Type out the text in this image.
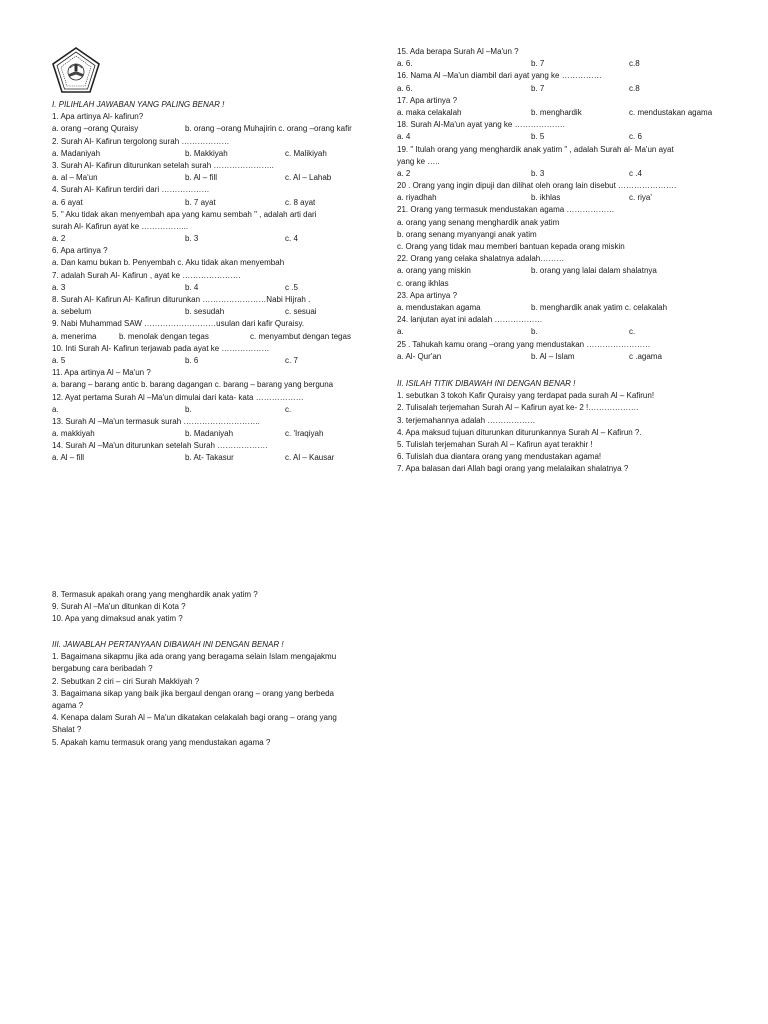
I. PILIHLAH JAWABAN YANG PALING BENAR !
1. Apa artinya Al- kafirun?
a. orang –orang Quraisy	b. orang –orang Muhajirin c. orang –orang kafir
2. Surah Al- Kafirun tergolong surah ………………
a. Madaniyah	b. Makkiyah	c. Malikiyah
3. Surah Al- Kafirun diturunkan setelah surah …………………..
a. al – Ma'un	b. Al – fill	c. Al – Lahab
4. Surah Al- Kafirun terdiri dari ………………
a. 6 ayat	b. 7 ayat	c. 8 ayat
5. " Aku tidak akan menyembah apa yang kamu sembah " , adalah arti dari
surah Al- Kafirun ayat ke ……………...
a. 2	b. 3	c. 4
6. Apa artinya ?
a. Dan kamu bukan b. Penyembah c. Aku tidak akan menyembah
7. adalah Surah Al- Kafirun , ayat ke ………………….
a. 3	b. 4	c .5
8. Surah Al- Kafirun Al- Kafirun diturunkan ……………………Nabi Hijrah .
a. sebelum	b. sesudah	c. sesuai
9. Nabi Muhammad SAW ………………………usulan dari kafir Quraisy.
a. menerima	b. menolak dengan tegas	c. menyambut dengan tegas
10. Inti Surah Al- Kafirun terjawab pada ayat ke ………………
a. 5	b. 6	c. 7
11. Apa artinya Al – Ma'un ?
a. barang – barang antic b. barang dagangan c. barang – barang yang berguna
12. Ayat pertama Surah Al –Ma'un dimulai dari kata- kata ………………
a.	b.	c.
13. Surah Al –Ma'un termasuk surah ………………………..
a. makkiyah	b. Madaniyah	c. 'Iraqiyah
14. Surah Al –Ma'un diturunkan setelah Surah ……………….
a. Al – fill	b. At- Takasur	c. Al – Kausar
8. Termasuk apakah orang yang menghardik anak yatim ?
9. Surah Al –Ma'un ditunkan di Kota ?
10. Apa yang dimaksud anak yatim ?
III. JAWABLAH PERTANYAAN DIBAWAH INI DENGAN BENAR !
1. Bagaimana sikapmu jika ada orang yang beragama selain Islam mengajakmu
bergabung cara beribadah ?
2. Sebutkan 2 ciri – ciri Surah Makkiyah ?
3. Bagaimana sikap yang baik jika bergaul dengan orang – orang yang berbeda
agama ?
4. Kenapa dalam Surah Al – Ma'un dikatakan celakalah bagi orang – orang yang
Shalat ?
5. Apakah kamu termasuk orang yang mendustakan agama ?
15. Ada berapa Surah Al –Ma'un ?
a. 6.	b. 7	c.8
16. Nama Al –Ma'un diambil dari ayat yang ke ……………
a. 6.	b. 7	c.8
17. Apa artinya ?
a. maka celakalah	b. menghardik	c. mendustakan agama
18. Surah Al-Ma'un ayat yang ke ……………….
a. 4	b. 5	c. 6
19. " Itulah orang yang menghardik anak yatim " , adalah Surah al- Ma'un ayat
yang ke …..
a. 2	b. 3	c .4
20 . Orang yang ingin dipuji dan dilihat oleh orang lain disebut ………………….
a. riyadhah	b. ikhlas	c. riya'
21. Orang yang termasuk mendustakan agama ………………
a. orang yang senang menghardik anak yatim
b. orang senang myanyangi anak yatim
c. Orang yang tidak mau memberi bantuan kepada orang miskin
22. Orang yang celaka shalatnya adalah………
a. orang yang miskin	b. orang yang lalai dalam shalatnya
c. orang ikhlas
23. Apa artinya ?
a. mendustakan agama	b. menghardik anak yatim c. celakalah
24. lanjutan ayat ini adalah ………………
a.	b.	c.
25 . Tahukah kamu orang –orang yang mendustakan ……………………
a. Al- Qur'an	b. Al – Islam	c .agama
II. ISILAH TITIK DIBAWAH INI DENGAN BENAR !
1. sebutkan 3 tokoh Kafir Quraisy yang terdapat pada surah Al – Kafirun!
2. Tulisalah terjemahan Surah Al – Kafirun ayat ke- 2 !……………….
3. terjemahannya adalah ………………
4. Apa maksud tujuan diturunkan diturunkannya Surah Al – Kafirun ?.
5. Tulislah terjemahan Surah Al – Kafirun ayat terakhir !
6. Tulislah dua diantara orang yang mendustakan agama!
7. Apa balasan dari Allah bagi orang yang melalaikan shalatnya ?
